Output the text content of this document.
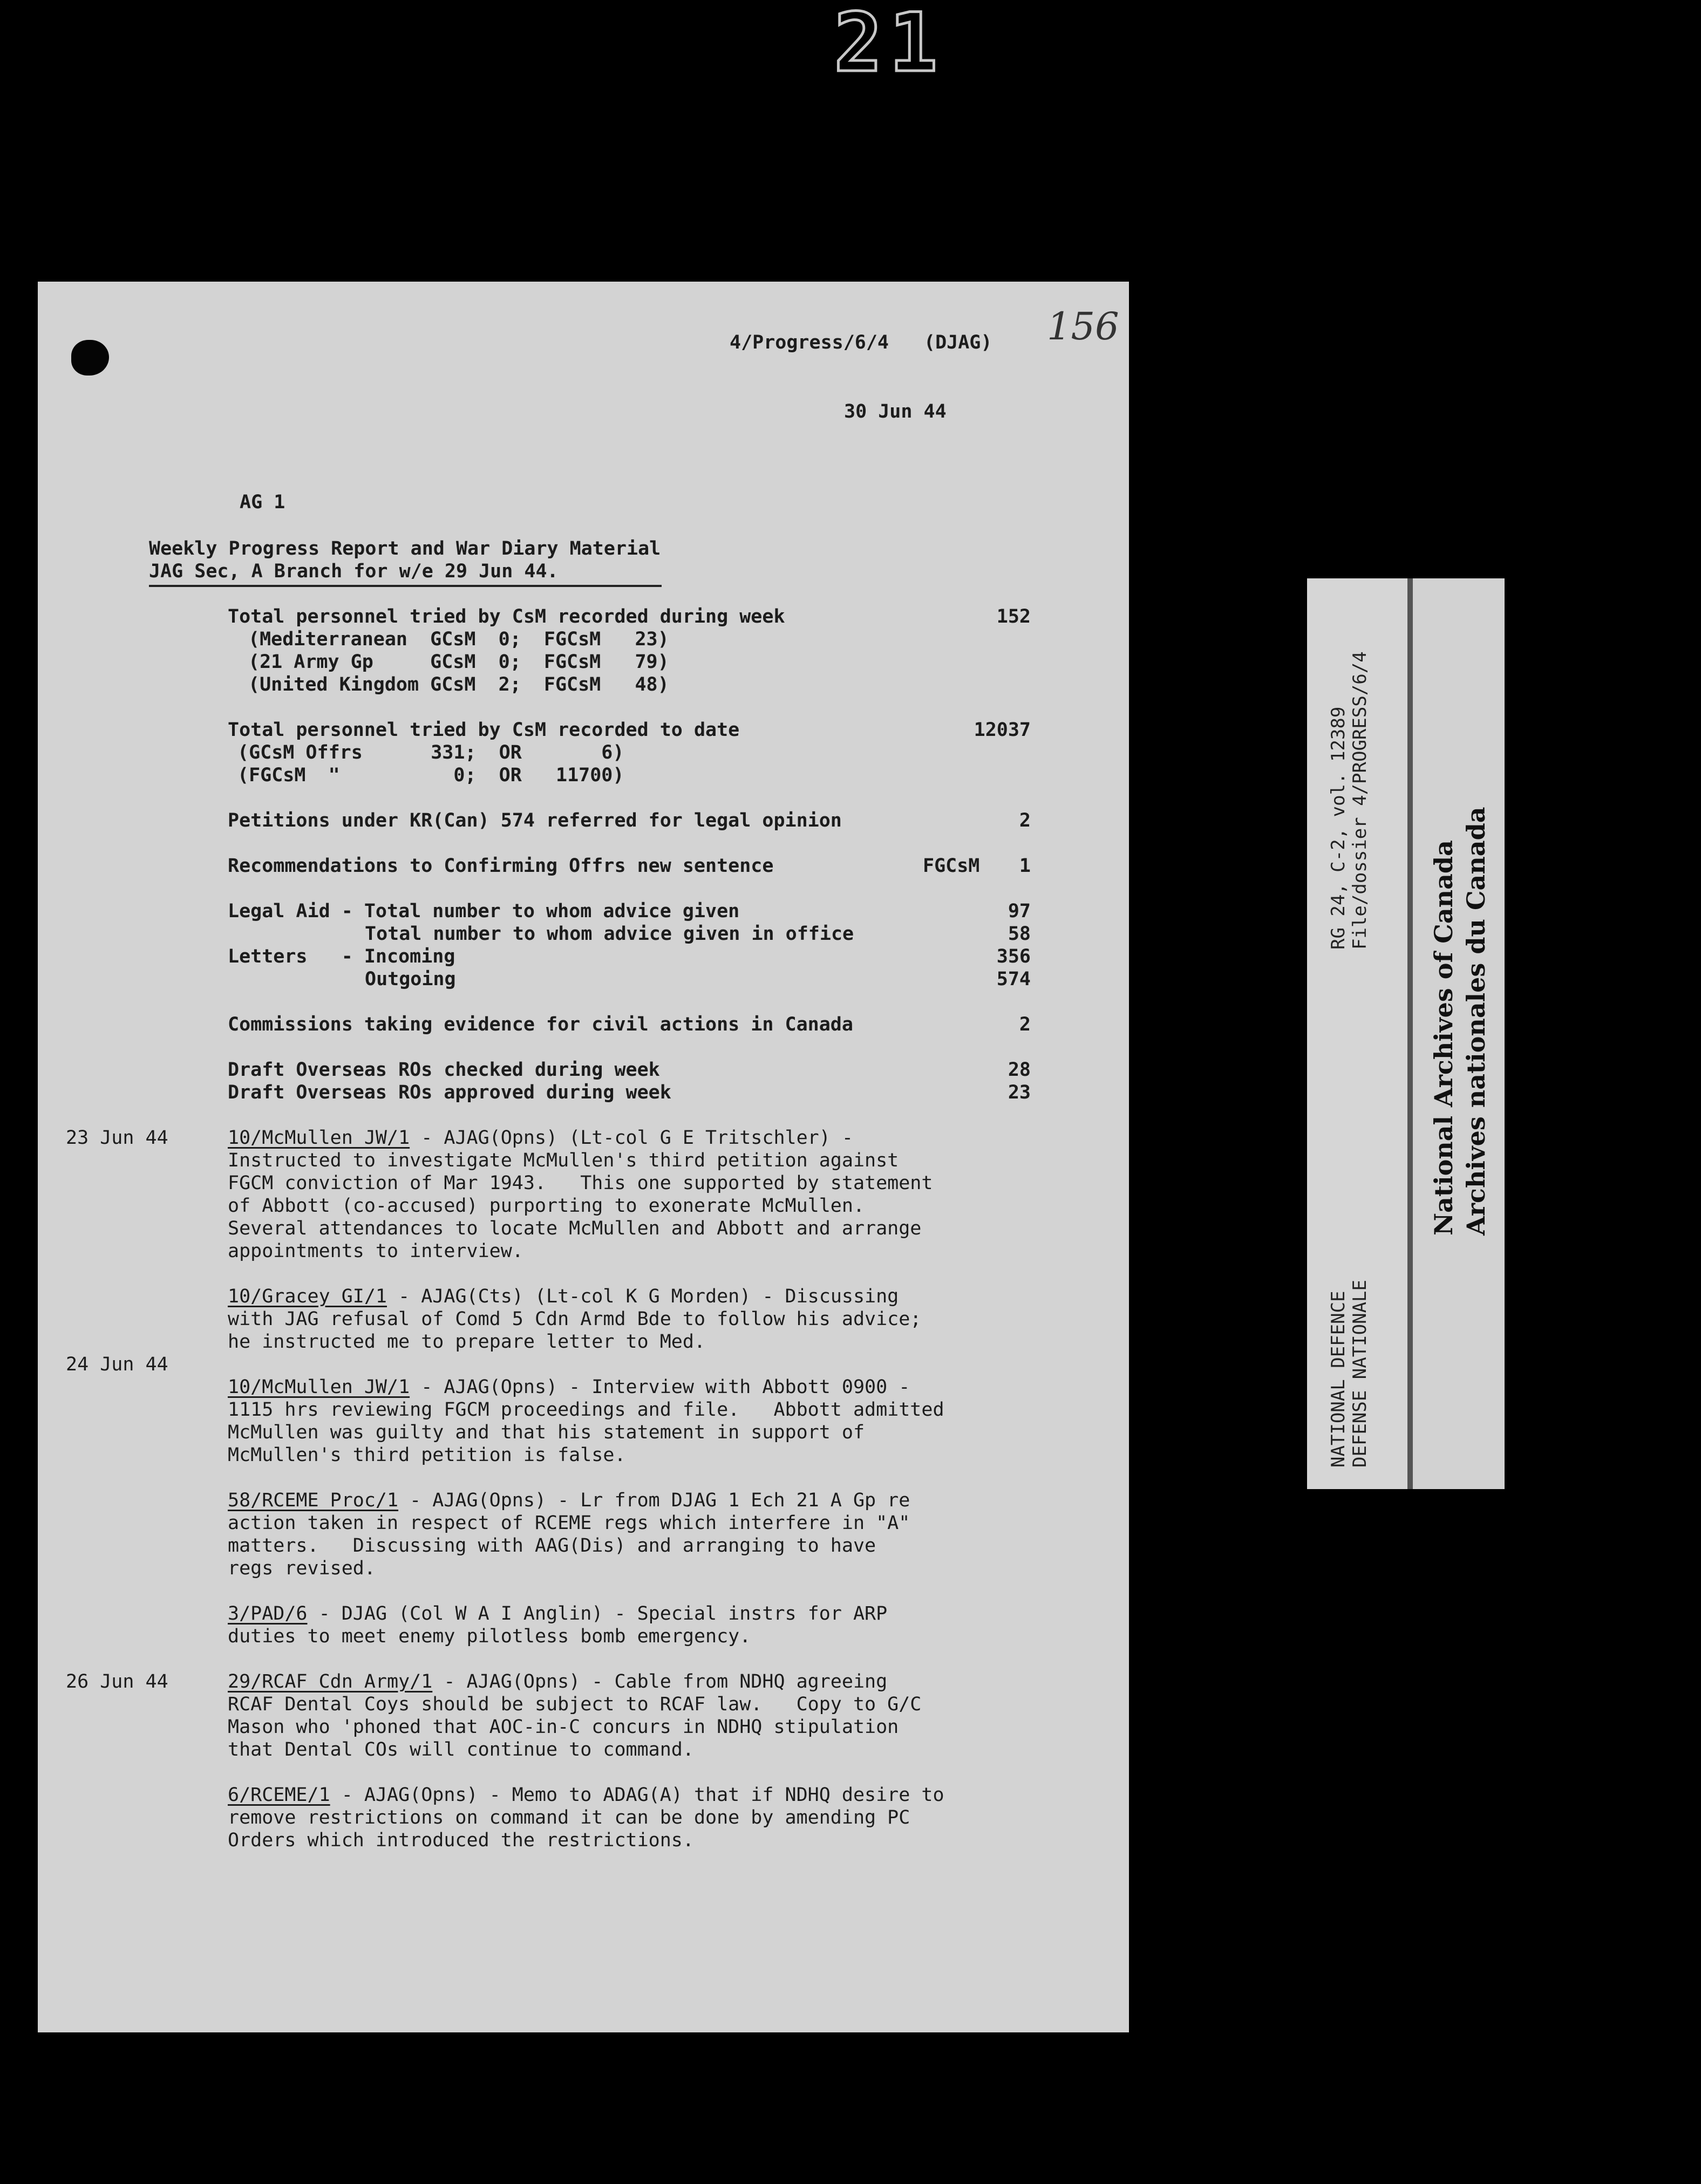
21
156
4/Progress/6/4 (DJAG)
30 Jun 44
AG 1
Weekly Progress Report and War Diary Material
JAG Sec, A Branch for w/e 29 Jun 44.
Total personnel tried by CsM recorded during week	152
(Mediterranean  GCsM  0;  FGCsM   23)
(21 Army Gp     GCsM  0;  FGCsM   79)
(United Kingdom GCsM  2;  FGCsM   48)
Total personnel tried by CsM recorded to date	12037
(GCsM Offrs      331;  OR       6)
(FGCsM  "          0;  OR   11700)
Petitions under KR(Can) 574 referred for legal opinion	2
Recommendations to Confirming Offrs new sentence	FGCsM	1
Legal Aid - Total number to whom advice given	97
Total number to whom advice given in office	58
Letters   - Incoming	356
Outgoing	574
Commissions taking evidence for civil actions in Canada	2
Draft Overseas ROs checked during week	28
Draft Overseas ROs approved during week	23
23 Jun 44	10/McMullen JW/1 - AJAG(Opns) (Lt-col G E Tritschler) -
Instructed to investigate McMullen's third petition against
FGCM conviction of Mar 1943.   This one supported by statement
of Abbott (co-accused) purporting to exonerate McMullen.
Several attendances to locate McMullen and Abbott and arrange
appointments to interview.
10/Gracey GI/1 - AJAG(Cts) (Lt-col K G Morden) - Discussing
with JAG refusal of Comd 5 Cdn Armd Bde to follow his advice;
he instructed me to prepare letter to Med.
24 Jun 44
10/McMullen JW/1 - AJAG(Opns) - Interview with Abbott 0900 -
1115 hrs reviewing FGCM proceedings and file.   Abbott admitted
McMullen was guilty and that his statement in support of
McMullen's third petition is false.
58/RCEME Proc/1 - AJAG(Opns) - Lr from DJAG 1 Ech 21 A Gp re
action taken in respect of RCEME regs which interfere in "A"
matters.   Discussing with AAG(Dis) and arranging to have
regs revised.
3/PAD/6 - DJAG (Col W A I Anglin) - Special instrs for ARP
duties to meet enemy pilotless bomb emergency.
26 Jun 44	29/RCAF Cdn Army/1 - AJAG(Opns) - Cable from NDHQ agreeing
RCAF Dental Coys should be subject to RCAF law.   Copy to G/C
Mason who 'phoned that AOC-in-C concurs in NDHQ stipulation
that Dental COs will continue to command.
6/RCEME/1 - AJAG(Opns) - Memo to ADAG(A) that if NDHQ desire to
remove restrictions on command it can be done by amending PC
Orders which introduced the restrictions.
NATIONAL DEFENCE DEFENSE NATIONALE
RG 24, C-2, vol. 12389 File/dossier 4/PROGRESS/6/4
National Archives of Canada Archives nationales du Canada
